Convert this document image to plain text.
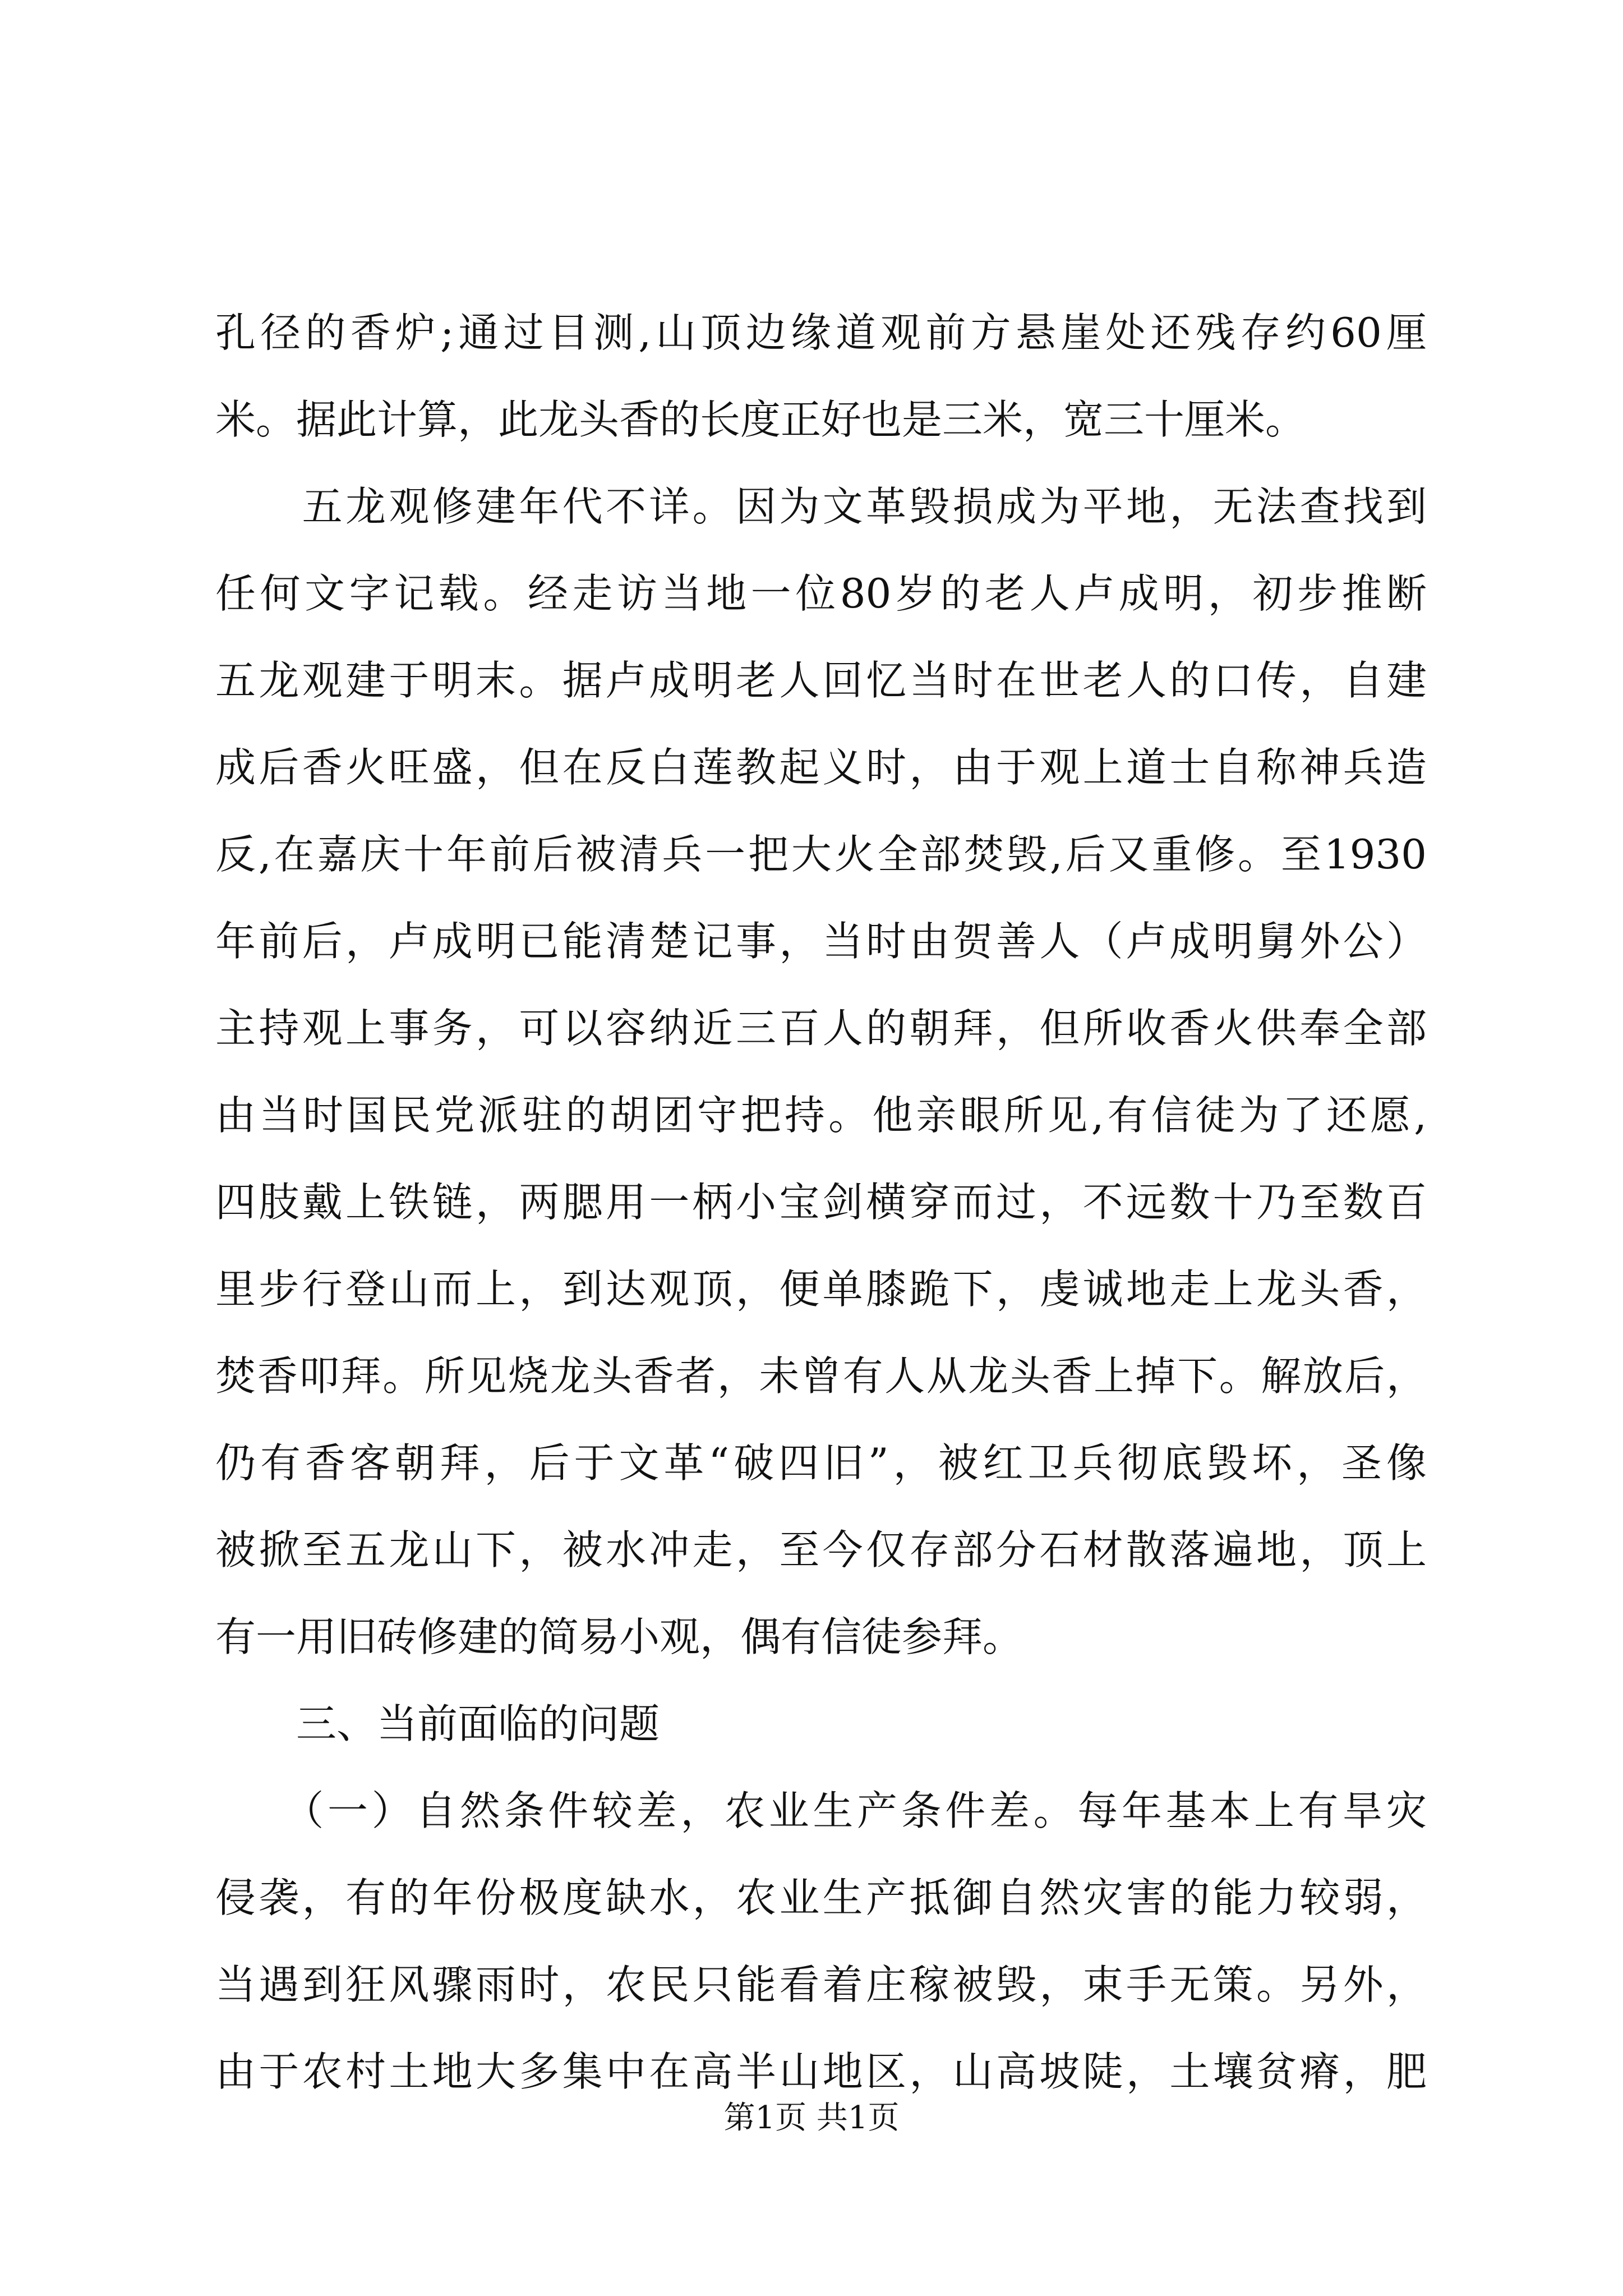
孔径的香炉;通过目测,山顶边缘道观前方悬崖处还残存约60厘
米。据此计算，此龙头香的长度正好也是三米，宽三十厘米。
　　五龙观修建年代不详。因为文革毁损成为平地，无法查找到
任何文字记载。经走访当地一位80岁的老人卢成明，初步推断
五龙观建于明末。据卢成明老人回忆当时在世老人的口传，自建
成后香火旺盛，但在反白莲教起义时，由于观上道士自称神兵造
反,在嘉庆十年前后被清兵一把大火全部焚毁,后又重修。至1930
年前后，卢成明已能清楚记事，当时由贺善人（卢成明舅外公）
主持观上事务，可以容纳近三百人的朝拜，但所收香火供奉全部
由当时国民党派驻的胡团守把持。他亲眼所见,有信徒为了还愿,
四肢戴上铁链，两腮用一柄小宝剑横穿而过，不远数十乃至数百
里步行登山而上，到达观顶，便单膝跪下，虔诚地走上龙头香，
焚香叩拜。所见烧龙头香者，未曾有人从龙头香上掉下。解放后，
仍有香客朝拜，后于文革“破四旧”，被红卫兵彻底毁坏，圣像
被掀至五龙山下，被水冲走，至今仅存部分石材散落遍地，顶上
有一用旧砖修建的简易小观，偶有信徒参拜。
　　三、当前面临的问题
　　（一）自然条件较差，农业生产条件差。每年基本上有旱灾
侵袭，有的年份极度缺水，农业生产抵御自然灾害的能力较弱，
当遇到狂风骤雨时，农民只能看着庄稼被毁，束手无策。另外，
由于农村土地大多集中在高半山地区，山高坡陡，土壤贫瘠，肥
第1页 共1页
